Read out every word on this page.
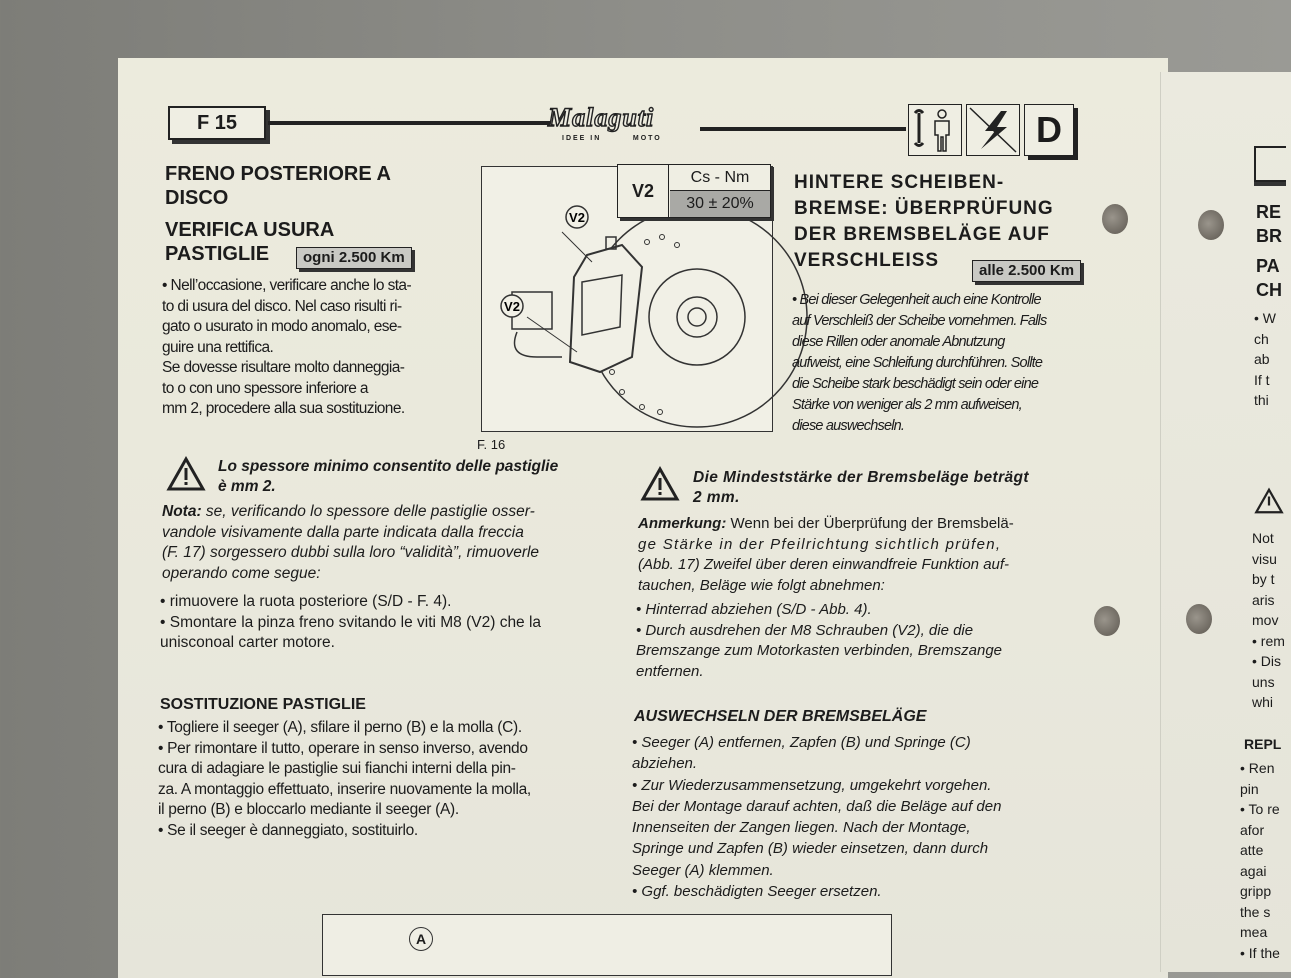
F 15	Malaguti
IDEE IN	MOTO	D
FRENO POSTERIORE A
DISCO
VERIFICA USURA
PASTIGLIE	ogni 2.500 Km
• Nell’occasione, verificare anche lo sta-
to di usura del disco. Nel caso risulti ri-
gato o usurato in modo anomalo, ese-
guire una rettifica.
Se dovesse risultare molto danneggia-
to o con uno spessore inferiore a
mm 2, procedere alla sua sostituzione.
Lo spessore minimo consentito delle pastiglie
è mm 2.
Nota: se, verificando lo spessore delle pastiglie osser-
vandole visivamente dalla parte indicata dalla freccia
(F. 17) sorgessero dubbi sulla loro “validità”, rimuoverle
operando come segue:
• rimuovere la ruota posteriore (S/D - F. 4).
• Smontare la pinza freno svitando le viti M8 (V2) che la
unisconoal carter motore.
SOSTITUZIONE PASTIGLIE
• Togliere il seeger (A), sfilare il perno (B) e la molla (C).
• Per rimontare il tutto, operare in senso inverso, avendo
cura di adagiare le pastiglie sui fianchi interni della pin-
za. A montaggio effettuato, inserire nuovamente la molla,
il perno (B) e bloccarlo mediante il seeger (A).
• Se il seeger è danneggiato, sostituirlo.
V2
V2
V2
Cs - Nm
30 ± 20%
F. 16
HINTERE SCHEIBEN-
BREMSE: ÜBERPRÜFUNG
DER BREMSBELÄGE AUF
VERSCHLEISS	alle 2.500 Km
• Bei dieser Gelegenheit auch eine Kontrolle
auf Verschleiß der Scheibe vornehmen. Falls
diese Rillen oder anomale Abnutzung
aufweist, eine Schleifung durchführen. Sollte
die Scheibe stark beschädigt sein oder eine
Stärke von weniger als 2 mm aufweisen,
diese auswechseln.
Die Mindeststärke der Bremsbeläge beträgt
2 mm.
Anmerkung: Wenn bei der Überprüfung der Bremsbelä-
ge Stärke in der Pfeilrichtung sichtlich prüfen,
(Abb. 17) Zweifel über deren einwandfreie Funktion auf-
tauchen, Beläge wie folgt abnehmen:
• Hinterrad abziehen (S/D - Abb. 4).
• Durch ausdrehen der M8 Schrauben (V2), die die
Bremszange zum Motorkasten verbinden, Bremszange
entfernen.
AUSWECHSELN DER BREMSBELÄGE
• Seeger (A) entfernen, Zapfen (B) und Springe (C)
abziehen.
• Zur Wiederzusammensetzung, umgekehrt vorgehen.
Bei der Montage darauf achten, daß die Beläge auf den
Innenseiten der Zangen liegen. Nach der Montage,
Springe und Zapfen (B) wieder einsetzen, dann durch
Seeger (A) klemmen.
• Ggf. beschädigten Seeger ersetzen.
A
RE
BR
PA
CH
• W
ch
ab
If t
thi
Not
visu
by t
aris
mov
• rem
• Dis
uns
whi
REPL
• Ren
pin
• To re
afor
atte
agai
gripp
the s
mea
• If the
